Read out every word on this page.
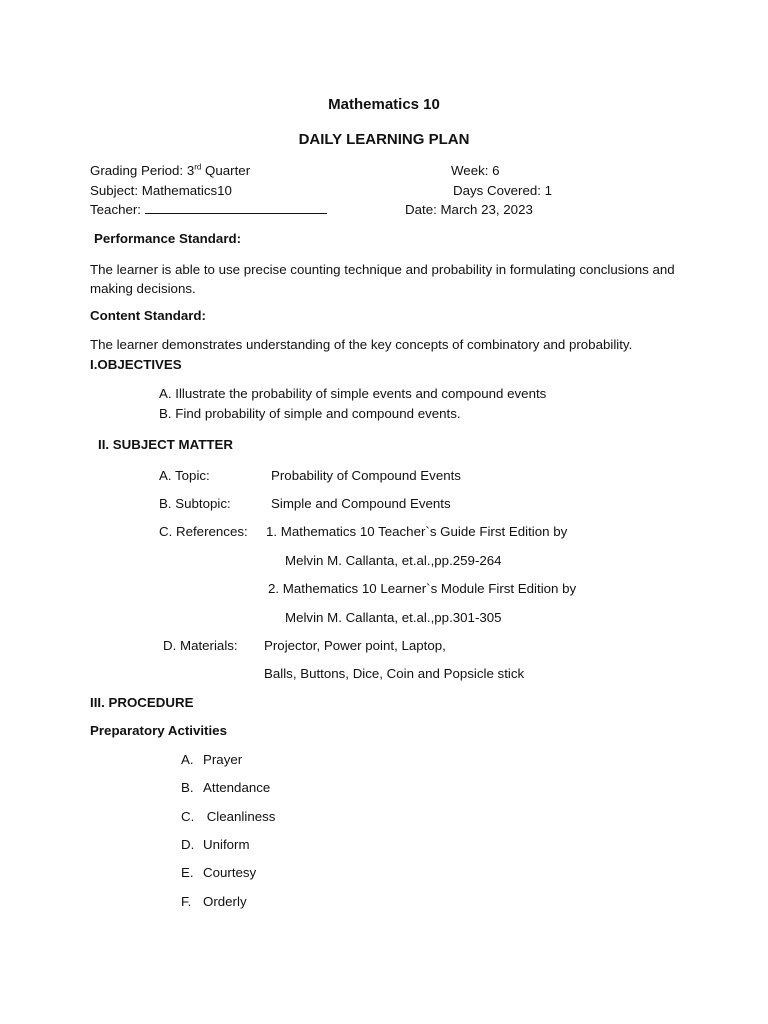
Mathematics 10
DAILY LEARNING PLAN
Grading Period: 3rd Quarter	Week: 6
Subject: Mathematics10	Days Covered: 1
Teacher:	Date: March 23, 2023
Performance Standard:
The learner is able to use precise counting technique and probability in formulating conclusions and making decisions.
Content Standard:
The learner demonstrates understanding of the key concepts of combinatory and probability.
I.OBJECTIVES
A. Illustrate the probability of simple events and compound events
B. Find probability of simple and compound events.
II. SUBJECT MATTER
A. Topic:	Probability of Compound Events
B. Subtopic:	Simple and Compound Events
C. References: 1. Mathematics 10 Teacher`s Guide First Edition by
Melvin M. Callanta, et.al.,pp.259-264
2. Mathematics 10 Learner`s Module First Edition by
Melvin M. Callanta, et.al.,pp.301-305
D. Materials: Projector, Power point, Laptop,
Balls, Buttons, Dice, Coin and Popsicle stick
III. PROCEDURE
Preparatory Activities
A. Prayer
B. Attendance
C. Cleanliness
D. Uniform
E. Courtesy
F. Orderly
